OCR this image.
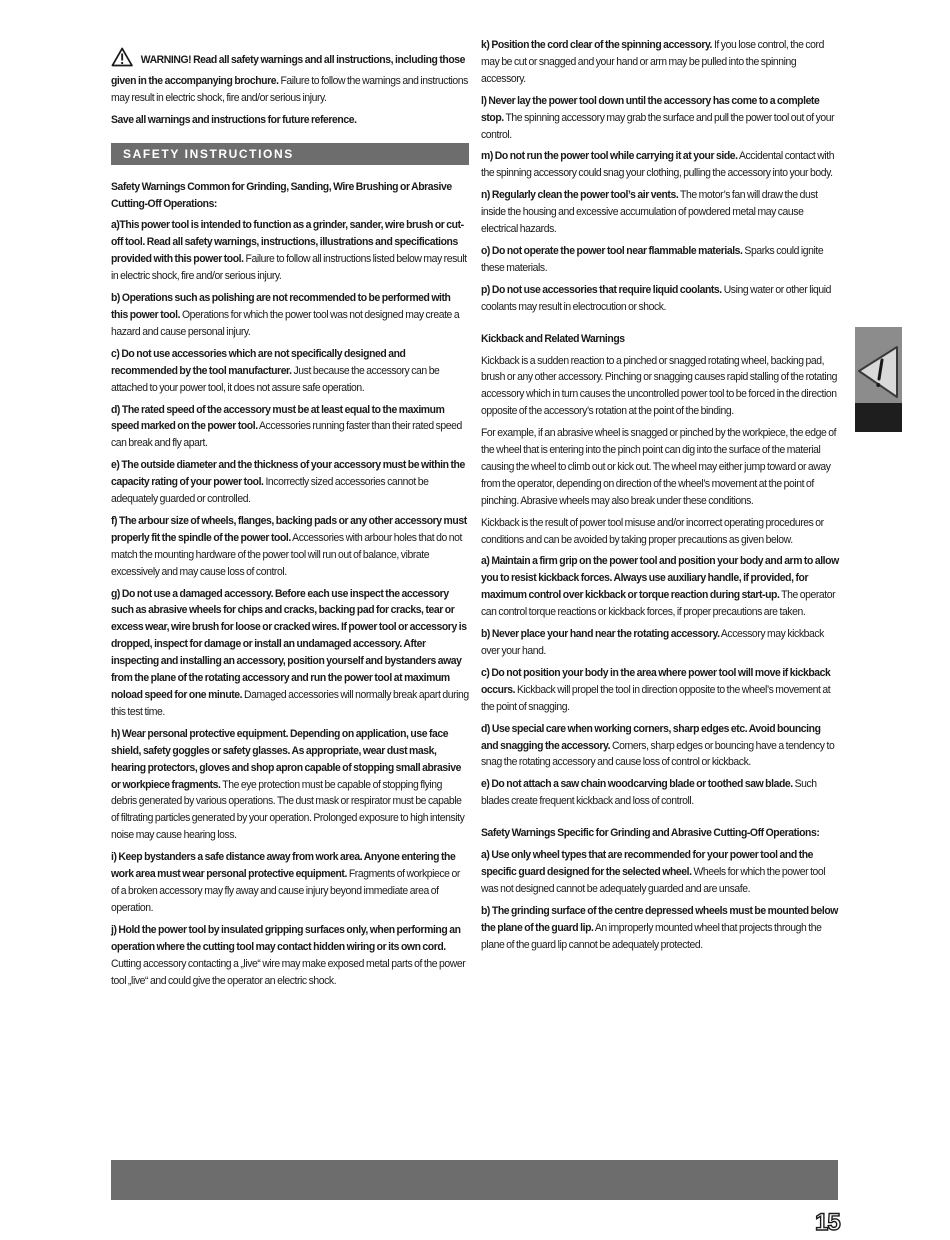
WARNING! Read all safety warnings and all instructions, including those given in the accompanying brochure. Failure to follow the warnings and instructions may result in electric shock, fire and/or serious injury.

Save all warnings and instructions for future reference.

SAFETY INSTRUCTIONS

Safety Warnings Common for Grinding, Sanding, Wire Brushing or Abrasive Cutting-Off Operations:

a)This power tool is intended to function as a grinder, sander, wire brush or cut-off tool. Read all safety warnings, instructions, illustrations and specifications provided with this power tool. Failure to follow all instructions listed below may result in electric shock, fire and/or serious injury.

b) Operations such as polishing are not recommended to be performed with this power tool. Operations for which the power tool was not designed may create a hazard and cause personal injury.

c) Do not use accessories which are not specifically designed and recommended by the tool manufacturer. Just because the accessory can be attached to your power tool, it does not assure safe operation.

d) The rated speed of the accessory must be at least equal to the maximum speed marked on the power tool. Accessories running faster than their rated speed can break and fly apart.

e) The outside diameter and the thickness of your accessory must be within the capacity rating of your power tool. Incorrectly sized accessories cannot be adequately guarded or controlled.

f) The arbour size of wheels, flanges, backing pads or any other accessory must properly fit the spindle of the power tool. Accessories with arbour holes that do not match the mounting hardware of the power tool will run out of balance, vibrate excessively and may cause loss of control.

g) Do not use a damaged accessory. Before each use inspect the accessory such as abrasive wheels for chips and cracks, backing pad for cracks, tear or excess wear, wire brush for loose or cracked wires. If power tool or accessory is dropped, inspect for damage or install an undamaged accessory. After inspecting and installing an accessory, position yourself and bystanders away from the plane of the rotating accessory and run the power tool at maximum noload speed for one minute. Damaged accessories will normally break apart during this test time.

h) Wear personal protective equipment. Depending on application, use face shield, safety goggles or safety glasses. As appropriate, wear dust mask, hearing protectors, gloves and shop apron capable of stopping small abrasive or workpiece fragments. The eye protection must be capable of stopping flying debris generated by various operations. The dust mask or respirator must be capable of filtrating particles generated by your operation. Prolonged exposure to high intensity noise may cause hearing loss.

i) Keep bystanders a safe distance away from work area. Anyone entering the work area must wear personal protective equipment. Fragments of workpiece or of a broken accessory may fly away and cause injury beyond immediate area of operation.

j) Hold the power tool by insulated gripping surfaces only, when performing an operation where the cutting tool may contact hidden wiring or its own cord. Cutting accessory contacting a „live“ wire may make exposed metal parts of the power tool „live“ and could give the operator an electric shock.

k) Position the cord clear of the spinning accessory. If you lose control, the cord may be cut or snagged and your hand or arm may be pulled into the spinning accessory.

l) Never lay the power tool down until the accessory has come to a complete stop. The spinning accessory may grab the surface and pull the power tool out of your control.

m) Do not run the power tool while carrying it at your side. Accidental contact with the spinning accessory could snag your clothing, pulling the accessory into your body.

n) Regularly clean the power tool’s air vents. The motor’s fan will draw the dust inside the housing and excessive accumulation of powdered metal may cause electrical hazards.

o) Do not operate the power tool near flammable materials. Sparks could ignite these materials.

p) Do not use accessories that require liquid coolants. Using water or other liquid coolants may result in electrocution or shock.

Kickback and Related Warnings

Kickback is a sudden reaction to a pinched or snagged rotating wheel, backing pad, brush or any other accessory. Pinching or snagging causes rapid stalling of the rotating accessory which in turn causes the uncontrolled power tool to be forced in the direction opposite of the accessory’s rotation at the point of the binding.

For example, if an abrasive wheel is snagged or pinched by the workpiece, the edge of the wheel that is entering into the pinch point can dig into the surface of the material causing the wheel to climb out or kick out. The wheel may either jump toward or away from the operator, depending on direction of the wheel’s movement at the point of pinching. Abrasive wheels may also break under these conditions.

Kickback is the result of power tool misuse and/or incorrect operating procedures or conditions and can be avoided by taking proper precautions as given below.

a) Maintain a firm grip on the power tool and position your body and arm to allow you to resist kickback forces. Always use auxiliary handle, if provided, for maximum control over kickback or torque reaction during start-up. The operator can control torque reactions or kickback forces, if proper precautions are taken.

b) Never place your hand near the rotating accessory. Accessory may kickback over your hand.

c) Do not position your body in the area where power tool will move if kickback occurs. Kickback will propel the tool in direction opposite to the wheel’s movement at the point of snagging.

d) Use special care when working corners, sharp edges etc. Avoid bouncing and snagging the accessory. Corners, sharp edges or bouncing have a tendency to snag the rotating accessory and cause loss of control or kickback.

e) Do not attach a saw chain woodcarving blade or toothed saw blade. Such blades create frequent kickback and loss of controll.

Safety Warnings Specific for Grinding and Abrasive Cutting-Off Operations:

a) Use only wheel types that are recommended for your power tool and the specific guard designed for the selected wheel. Wheels for which the power tool was not designed cannot be adequately guarded and are unsafe.

b) The grinding surface of the centre depressed wheels must be mounted below the plane of the guard lip. An improperly mounted wheel that projects through the plane of the guard lip cannot be adequately protected.

15
